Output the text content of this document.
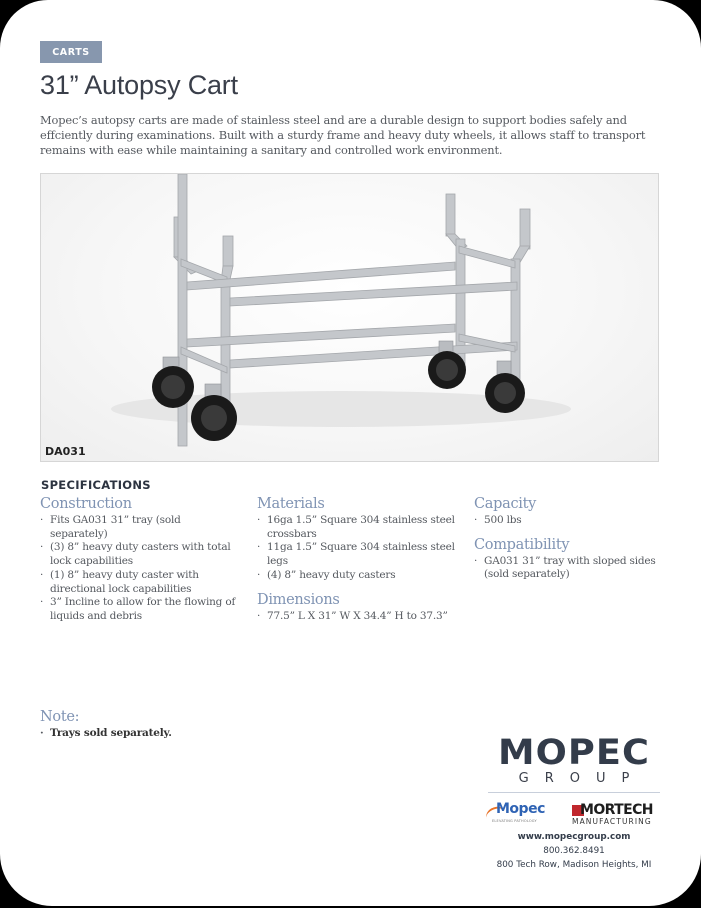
CARTS
31” Autopsy Cart

Mopec’s autopsy carts are made of stainless steel and are a durable design to support bodies safely and effciently during examinations. Built with a sturdy frame and heavy duty wheels, it allows staff to transport remains with ease while maintaining a sanitary and controlled work environment.

DA031
SPECIFICATIONS
Construction
· Fits GA031 31” tray (sold separately)
· (3) 8” heavy duty casters with total lock capabilities
· (1) 8” heavy duty caster with directional lock capabilities
· 3” Incline to allow for the flowing of liquids and debris
Materials
· 16ga 1.5” Square 304 stainless steel crossbars
· 11ga 1.5” Square 304 stainless steel legs
· (4) 8” heavy duty casters
Dimensions
· 77.5” L X 31” W X 34.4” H to 37.3”
Capacity
· 500 lbs
Compatibility
· GA031 31” tray with sloped sides (sold separately)
Note:
· Trays sold separately.	MOPEC
GROUP
Mopec
ELEVATING PATHOLOGY
MORTECH
MANUFACTURING
www.mopecgroup.com
800.362.8491
800 Tech Row, Madison Heights, MI
